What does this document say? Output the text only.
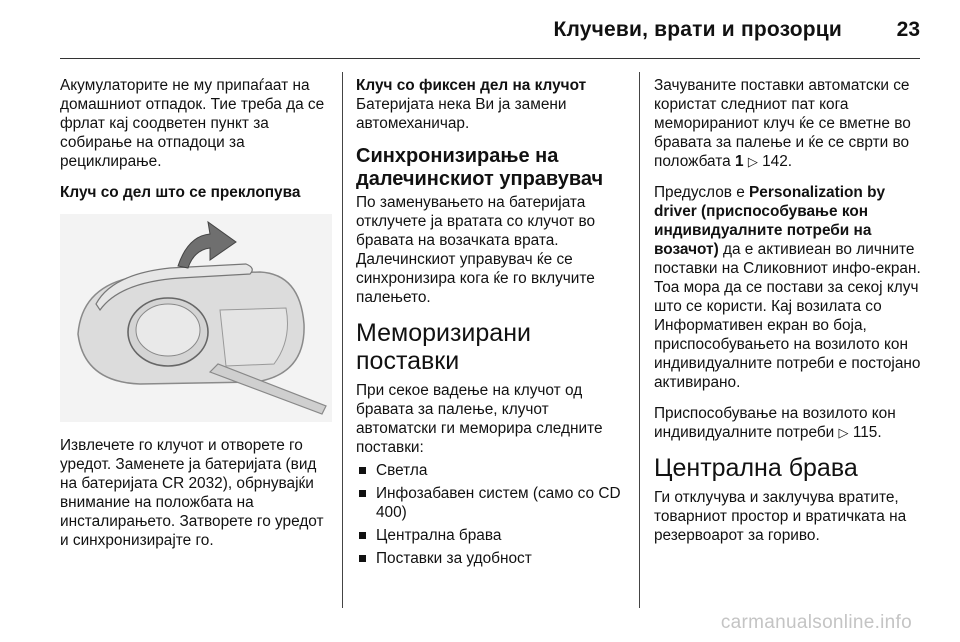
Клучеви, врати и прозорци	23

Акумулаторите не му припаѓаат на домашниот отпадок. Тие треба да се фрлат кај соодветен пункт за собирање на отпадоци за рециклирање.

Клуч со дел што се преклопува

Извлечете го клучот и отворете го уредот. Заменете ја батеријата (вид на батеријата CR 2032), обрнувајќи внимание на положбата на инсталирањето. Затворете го уредот и синхронизирајте го.

Клуч со фиксен дел на клучот

Батеријата нека Ви ја замени автомеханичар.

Синхронизирање на далечинскиот управувач

По заменувањето на батеријата отклучете ја вратата со клучот во бравата на возачката врата. Далечинскиот управувач ќе се синхронизира кога ќе го вклучите палењето.

Меморизирани поставки

При секое вадење на клучот од бравата за палење, клучот автоматски ги меморира следните поставки:

Светла
Инфозабавен систем (само со CD 400)
Централна брава
Поставки за удобност

Зачуваните поставки автоматски се користат следниот пат кога меморираниот клуч ќе се вметне во бравата за палење и ќе се сврти во положбата 1 ▷ 142.

Предуслов е Personalization by driver (приспособување кон индивидуалните потреби на возачот) да е активиеан во личните поставки на Сликовниот инфо-екран. Тоа мора да се постави за секој клуч што се користи. Кај возилата со Информативен екран во боја, приспособувањето на возилото кон индивидуалните потреби е постојано активирано.

Приспособување на возилото кон индивидуалните потреби ▷ 115.

Централна брава

Ги отклучува и заклучува вратите, товарниот простор и вратичката на резервоарот за гориво.

carmanualsonline.info
